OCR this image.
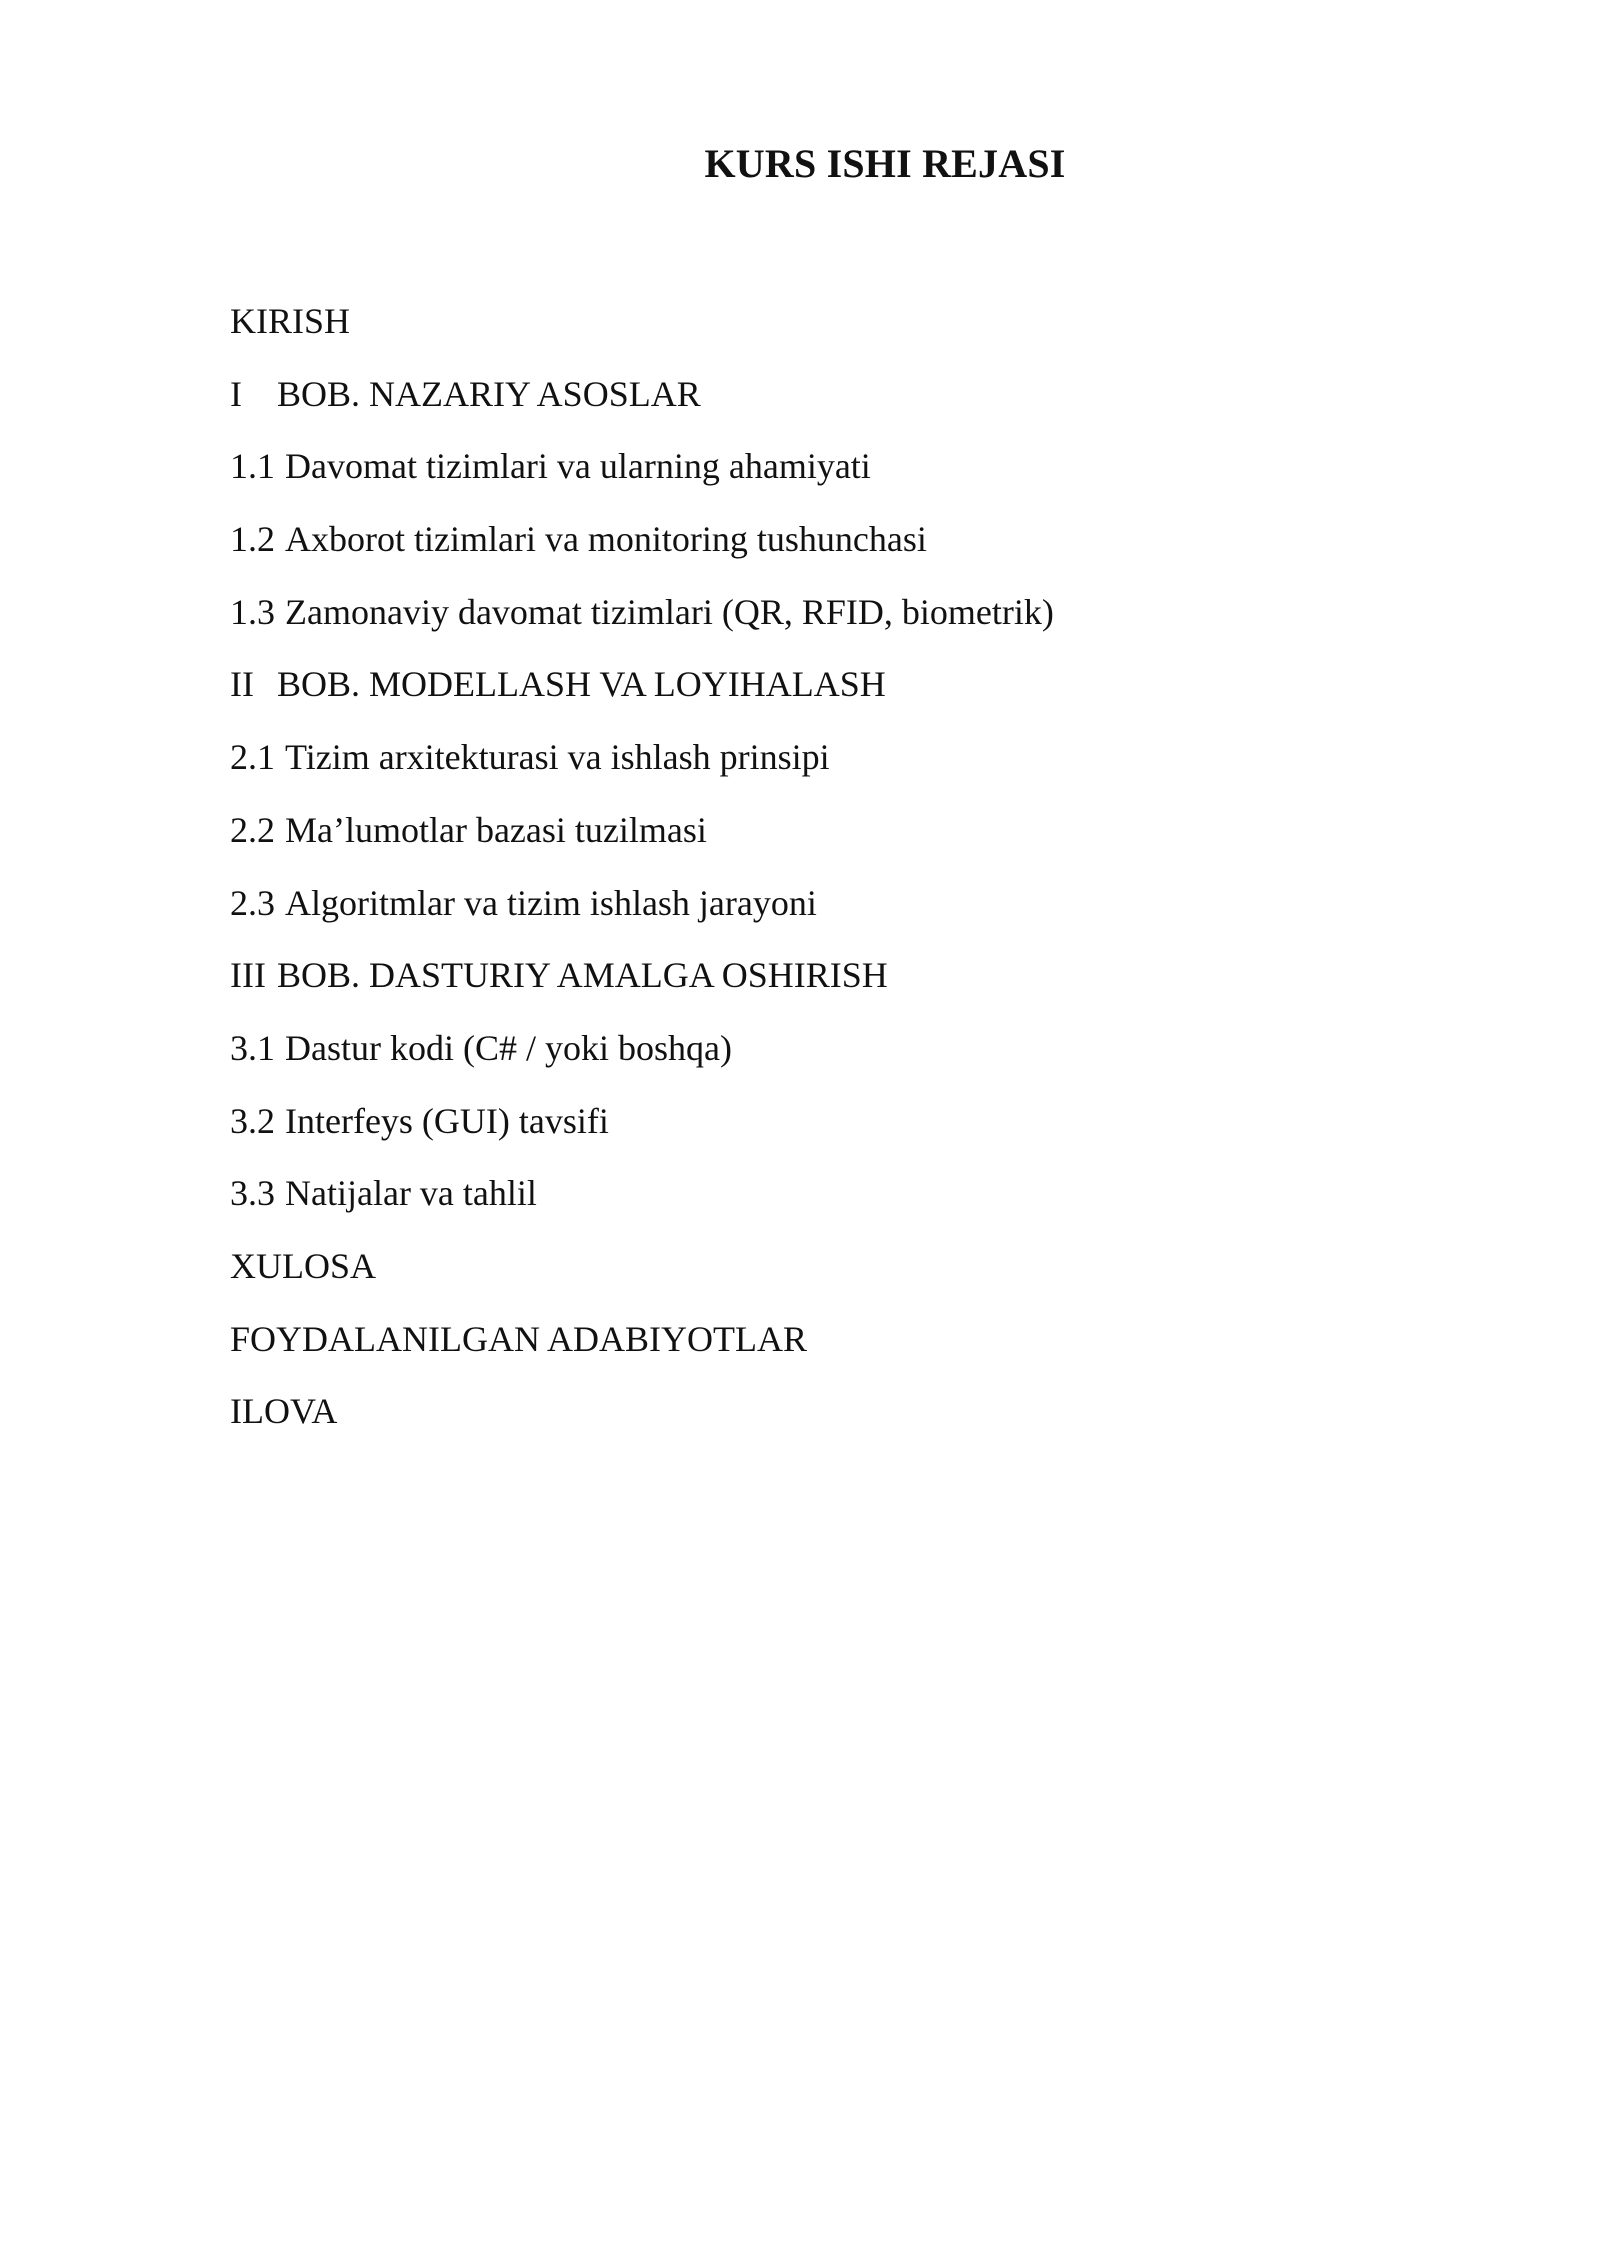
KURS ISHI REJASI
KIRISH
I BOB. NAZARIY ASOSLAR
1.1 Davomat tizimlari va ularning ahamiyati
1.2 Axborot tizimlari va monitoring tushunchasi
1.3 Zamonaviy davomat tizimlari (QR, RFID, biometrik)
II BOB. MODELLASH VA LOYIHALASH
2.1 Tizim arxitekturasi va ishlash prinsipi
2.2 Ma’lumotlar bazasi tuzilmasi
2.3 Algoritmlar va tizim ishlash jarayoni
III BOB. DASTURIY AMALGA OSHIRISH
3.1 Dastur kodi (C# / yoki boshqa)
3.2 Interfeys (GUI) tavsifi
3.3 Natijalar va tahlil
XULOSA
FOYDALANILGAN ADABIYOTLAR
ILOVA
